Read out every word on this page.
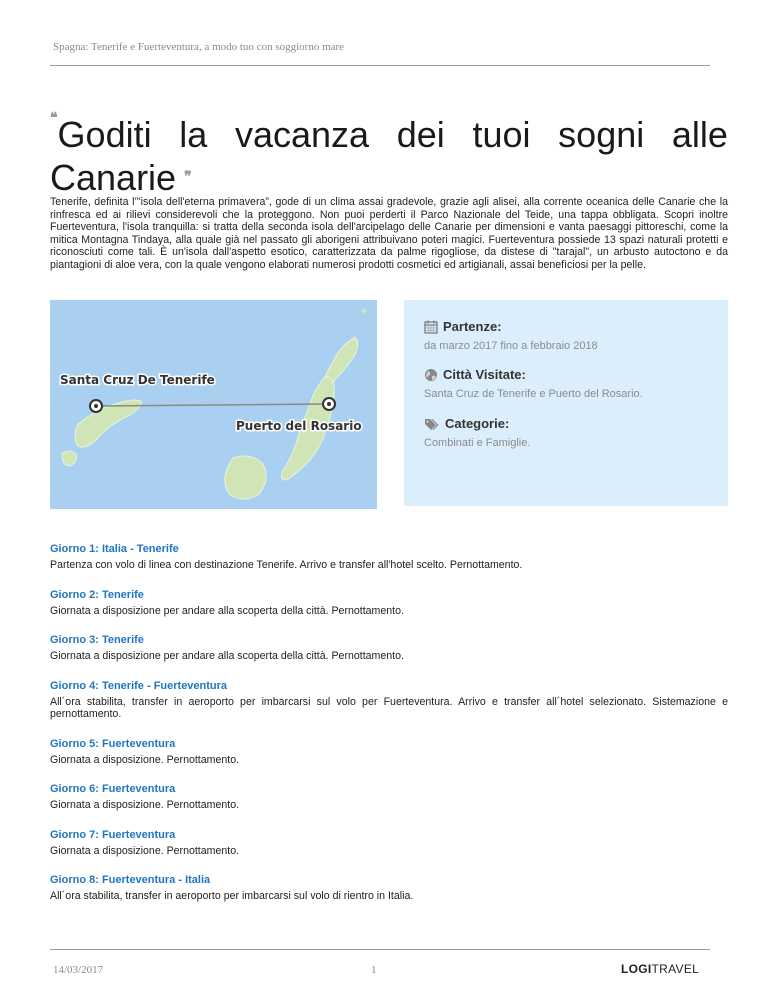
Spagna: Tenerife e Fuerteventura, a modo tuo con soggiorno mare
❝Goditi la vacanza dei tuoi sogni alle
Canarie ❞
Tenerife, definita l’"isola dell'eterna primavera”, gode di un clima assai gradevole, grazie agli alisei, alla corrente oceanica delle Canarie che la rinfresca ed ai rilievi considerevoli che la proteggono. Non puoi perderti il Parco Nazionale del Teide, una tappa obbligata. Scopri inoltre Fuerteventura, l'isola tranquilla: si tratta della seconda isola dell'arcipelago delle Canarie per dimensioni e vanta paesaggi pittoreschi, come la mitica Montagna Tindaya, alla quale già nel passato gli aborigeni attribuivano poteri magici. Fuerteventura possiede 13 spazi naturali protetti e riconosciuti come tali. È un'isola dall'aspetto esotico, caratterizzata da palme rigogliose, da distese di "tarajal", un arbusto autoctono e da piantagioni di aloe vera, con la quale vengono elaborati numerosi prodotti cosmetici ed artigianali, assai benefìciosi per la pelle.
Santa Cruz De Tenerife
Puerto del Rosario
Partenze:
da marzo 2017 fino a febbraio 2018
Città Visitate:
Santa Cruz de Tenerife e Puerto del Rosario.
Categorie:
Combinati e Famiglie.
Giorno 1: Italia - Tenerife
Partenza con volo di linea con destinazione Tenerife. Arrivo e transfer all'hotel scelto. Pernottamento.
Giorno 2: Tenerife
Giornata a disposizione per andare alla scoperta della città. Pernottamento.
Giorno 3: Tenerife
Giornata a disposizione per andare alla scoperta della città. Pernottamento.
Giorno 4: Tenerife - Fuerteventura
All´ora stabilita, transfer in aeroporto per imbarcarsi sul volo per Fuerteventura. Arrivo e transfer all´hotel selezionato. Sistemazione e pernottamento.
Giorno 5: Fuerteventura
Giornata a disposizione. Pernottamento.
Giorno 6: Fuerteventura
Giornata a disposizione. Pernottamento.
Giorno 7: Fuerteventura
Giornata a disposizione. Pernottamento.
Giorno 8: Fuerteventura - Italia
All´ora stabilita, transfer in aeroporto per imbarcarsi sul volo di rientro in Italia.
14/03/2017	1	LOGITRAVEL
